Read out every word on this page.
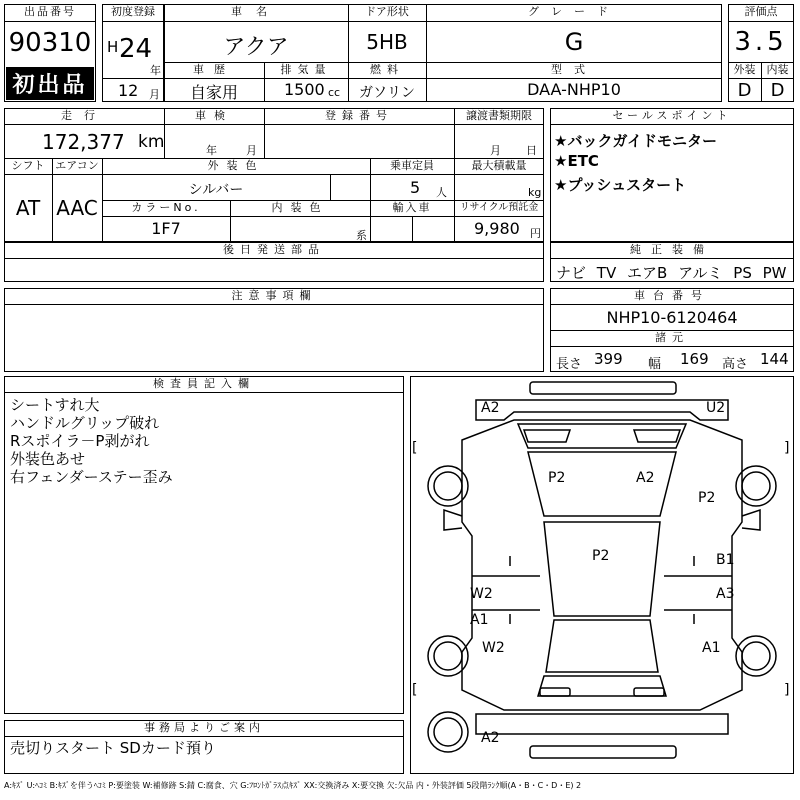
出品番号
90310
初出品
初度登録
H 24
年
12 月
車名
アクア
ドア形状
5HB
グレード
G
車歴
自家用
排気量
1500 cc
燃料
ガソリン
型式
DAA-NHP10
評価点
3.5
外装	内装
D	D
走行
172,377 km
車検
年	月
登録番号	譲渡書類期限
月 日
シフト
AT
エアコン
AAC
外装色
シルバー
乗車定員
5 人
最大積載量
kg
カラーNo.
1F7
内装色
系
輸入車	リサイクル預託金
9,980 円
セールスポイント
★バックガイドモニター
★ETC
★プッシュスタート
後日発送部品	純正装備
ナビ TV エアB アルミ PS PW
注意事項欄	車台番号
NHP10-6120464
諸元
長さ 399 幅 169 高さ 144
検査員記入欄
シートすれ大
ハンドルグリップ破れ
Rスポイラ－P剥がれ
外装色あせ
右フェンダーステー歪み
事務局よりご案内
売切りスタート SDカード預り
A2	U2
P2	A2
P2
P2	B1
W2	A3
A1
W2	A1
A2
[	]
[	]
A:ｷｽﾞ U:ﾍｺﾐ B:ｷｽﾞを伴うﾍｺﾐ P:要塗装 W:補修跡 S:錆 C:腐食、穴 G:ﾌﾛﾝﾄｶﾞﾗｽ点ｷｽﾞ XX:交換済み X:要交換 欠:欠品 内・外装評価 5段階ﾗﾝｸ順(A・B・C・D・E) 2
